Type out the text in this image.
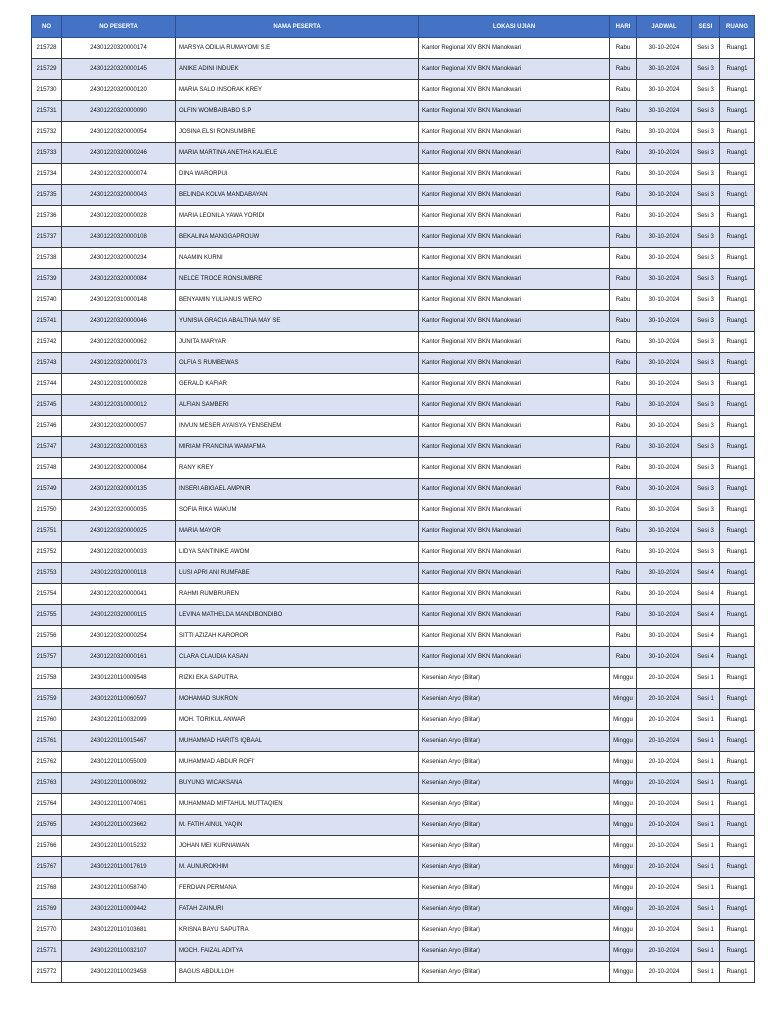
NO	NO PESERTA	NAMA PESERTA	LOKASI UJIAN	HARI	JADWAL	SESI	RUANG
215728	24301220320000174	MARSYA ODILIA RUMAYOMI S.E	Kantor Regional XIV BKN Manokwari	Rabu	30-10-2024	Sesi 3	Ruang1
215729	24301220320000145	ANIKE ADINI INDUEK	Kantor Regional XIV BKN Manokwari	Rabu	30-10-2024	Sesi 3	Ruang1
215730	24301220320000120	MARIA SALO INSORAK KREY	Kantor Regional XIV BKN Manokwari	Rabu	30-10-2024	Sesi 3	Ruang1
215731	24301220320000090	OLFIN WOMBAIBABO S.P	Kantor Regional XIV BKN Manokwari	Rabu	30-10-2024	Sesi 3	Ruang1
215732	24301220320000054	JOSINA ELSI RONSUMBRE	Kantor Regional XIV BKN Manokwari	Rabu	30-10-2024	Sesi 3	Ruang1
215733	24301220320000246	MARIA MARTINA ANETHA KALIELE	Kantor Regional XIV BKN Manokwari	Rabu	30-10-2024	Sesi 3	Ruang1
215734	24301220320000074	DINA WARORPUI	Kantor Regional XIV BKN Manokwari	Rabu	30-10-2024	Sesi 3	Ruang1
215735	24301220320000043	BELINDA KOLVA MANDABAYAN	Kantor Regional XIV BKN Manokwari	Rabu	30-10-2024	Sesi 3	Ruang1
215736	24301220320000028	MARIA LEONILA YAWA YORIDI	Kantor Regional XIV BKN Manokwari	Rabu	30-10-2024	Sesi 3	Ruang1
215737	24301220320000108	BEKALINA MANGGAPROUW	Kantor Regional XIV BKN Manokwari	Rabu	30-10-2024	Sesi 3	Ruang1
215738	24301220320000234	NAAMIN KURNI	Kantor Regional XIV BKN Manokwari	Rabu	30-10-2024	Sesi 3	Ruang1
215739	24301220320000084	NELCE TROCE RONSUMBRE	Kantor Regional XIV BKN Manokwari	Rabu	30-10-2024	Sesi 3	Ruang1
215740	24301220310000148	BENYAMIN YULIANUS WERO	Kantor Regional XIV BKN Manokwari	Rabu	30-10-2024	Sesi 3	Ruang1
215741	24301220320000046	YUNISIA GRACIA ABALTINA MAY SE	Kantor Regional XIV BKN Manokwari	Rabu	30-10-2024	Sesi 3	Ruang1
215742	24301220320000062	JUNITA MARYAR	Kantor Regional XIV BKN Manokwari	Rabu	30-10-2024	Sesi 3	Ruang1
215743	24301220320000173	OLFIA S RUMBEWAS	Kantor Regional XIV BKN Manokwari	Rabu	30-10-2024	Sesi 3	Ruang1
215744	24301220310000028	GERALD KAFIAR	Kantor Regional XIV BKN Manokwari	Rabu	30-10-2024	Sesi 3	Ruang1
215745	24301220310000012	ALFIAN SAMBERI	Kantor Regional XIV BKN Manokwari	Rabu	30-10-2024	Sesi 3	Ruang1
215746	24301220320000057	INVUN MESER AYAISYA YENSENEM	Kantor Regional XIV BKN Manokwari	Rabu	30-10-2024	Sesi 3	Ruang1
215747	24301220320000163	MIRIAM FRANCINA WAMAFMA	Kantor Regional XIV BKN Manokwari	Rabu	30-10-2024	Sesi 3	Ruang1
215748	24301220320000064	RANY KREY	Kantor Regional XIV BKN Manokwari	Rabu	30-10-2024	Sesi 3	Ruang1
215749	24301220320000135	INSERI ABIGAEL AMPNIR	Kantor Regional XIV BKN Manokwari	Rabu	30-10-2024	Sesi 3	Ruang1
215750	24301220320000035	SOFIA RIKA WAKUM	Kantor Regional XIV BKN Manokwari	Rabu	30-10-2024	Sesi 3	Ruang1
215751	24301220320000025	MARIA MAYOR	Kantor Regional XIV BKN Manokwari	Rabu	30-10-2024	Sesi 3	Ruang1
215752	24301220320000033	LIDYA SANTINIKE AWOM	Kantor Regional XIV BKN Manokwari	Rabu	30-10-2024	Sesi 3	Ruang1
215753	24301220320000118	LUSI APRI ANI RUMFABE	Kantor Regional XIV BKN Manokwari	Rabu	30-10-2024	Sesi 4	Ruang1
215754	24301220320000041	RAHMI RUMBRUREN	Kantor Regional XIV BKN Manokwari	Rabu	30-10-2024	Sesi 4	Ruang1
215755	24301220320000115	LEVINA MATHELDA MANDIBONDIBO	Kantor Regional XIV BKN Manokwari	Rabu	30-10-2024	Sesi 4	Ruang1
215756	24301220320000254	SITTI AZIZAH KAROROR	Kantor Regional XIV BKN Manokwari	Rabu	30-10-2024	Sesi 4	Ruang1
215757	24301220320000161	CLARA CLAUDIA KASAN	Kantor Regional XIV BKN Manokwari	Rabu	30-10-2024	Sesi 4	Ruang1
215758	24301220110009548	RIZKI EKA SAPUTRA	Kesenian Aryo (Blitar)	Minggu	20-10-2024	Sesi 1	Ruang1
215759	24301220110060597	MOHAMAD SUKRON	Kesenian Aryo (Blitar)	Minggu	20-10-2024	Sesi 1	Ruang1
215760	24301220110032099	MOH. TORIKUL ANWAR	Kesenian Aryo (Blitar)	Minggu	20-10-2024	Sesi 1	Ruang1
215761	24301220110015467	MUHAMMAD HARITS IQBAAL	Kesenian Aryo (Blitar)	Minggu	20-10-2024	Sesi 1	Ruang1
215762	24301220110055009	MUHAMMAD ABDUR ROFI'	Kesenian Aryo (Blitar)	Minggu	20-10-2024	Sesi 1	Ruang1
215763	24301220110006092	BUYUNG WICAKSANA	Kesenian Aryo (Blitar)	Minggu	20-10-2024	Sesi 1	Ruang1
215764	24301220110074061	MUHAMMAD MIFTAHUL MUTTAQIEN	Kesenian Aryo (Blitar)	Minggu	20-10-2024	Sesi 1	Ruang1
215765	24301220110023662	M. FATIH AINUL YAQIN	Kesenian Aryo (Blitar)	Minggu	20-10-2024	Sesi 1	Ruang1
215766	24301220110015232	JOHAN MEI KURNIAWAN	Kesenian Aryo (Blitar)	Minggu	20-10-2024	Sesi 1	Ruang1
215767	24301220110017619	M. AUNUROKHIM	Kesenian Aryo (Blitar)	Minggu	20-10-2024	Sesi 1	Ruang1
215768	24301220110058740	FERDIAN PERMANA	Kesenian Aryo (Blitar)	Minggu	20-10-2024	Sesi 1	Ruang1
215769	24301220110009442	FATAH ZAINURI	Kesenian Aryo (Blitar)	Minggu	20-10-2024	Sesi 1	Ruang1
215770	24301220110103681	KRISNA BAYU SAPUTRA	Kesenian Aryo (Blitar)	Minggu	20-10-2024	Sesi 1	Ruang1
215771	24301220110032107	MOCH. FAIZAL ADITYA	Kesenian Aryo (Blitar)	Minggu	20-10-2024	Sesi 1	Ruang1
215772	24301220110023458	BAGUS ABDULLOH	Kesenian Aryo (Blitar)	Minggu	20-10-2024	Sesi 1	Ruang1
